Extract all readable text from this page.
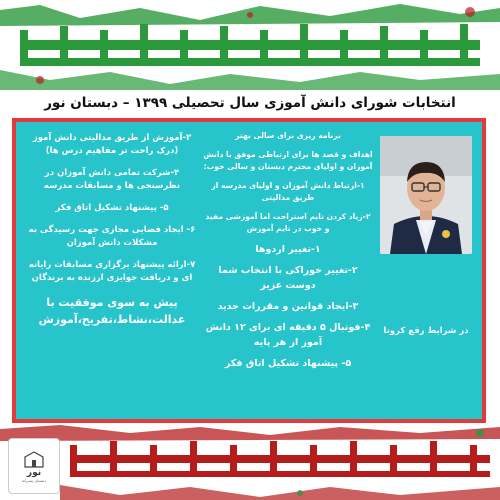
انتخابات شورای دانش آموزی سال تحصیلی ۱۳۹۹ – دبستان نور
۳-آموزش از طریق مدالیتی دانش آموز (درک راحت تر مفاهیم درس ها)
۴-شرکت تمامی دانش آموزان در نظرسنجی ها و مسابقات مدرسه
۵- پیشنهاد تشکیل اتاق فکر
۶- ایجاد فضایی مجازی جهت رسیدگی به مشکلات دانش آموزان
۷-ارائه پیشنهاد برگزاری مسابقات رایانه ای و دریافت جوایزی ارزنده به برندگان
پیش به سوی موفقیت با عدالت،نشاط،تفریح،آموزش
برنامه ریزی برای سالی بهتر
اهداف و قصد ها برای ارتباطی موفق با دانش آموزان و اولیای محترم دبستان و سالی خوب:
۱-ارتباط دانش آموزان و اولیای مدرسه از طریق مدالیتی
۲-زیاد کردن تایم استراحت اما آموزشی مفید و خوب در تایم آموزش
۱-تغییر اردوها
۲-تغییر خوراکی با انتخاب شما دوست عزیز
۳-ایجاد قوانین و مقررات جدید
۴-فوتبال ۵ دقیقه ای برای ۱۲ دانش آموز از هر پایه
۵- پیشنهاد تشکیل اتاق فکر
در شرایط رفع کرونا
نور
دبستان پسرانه
